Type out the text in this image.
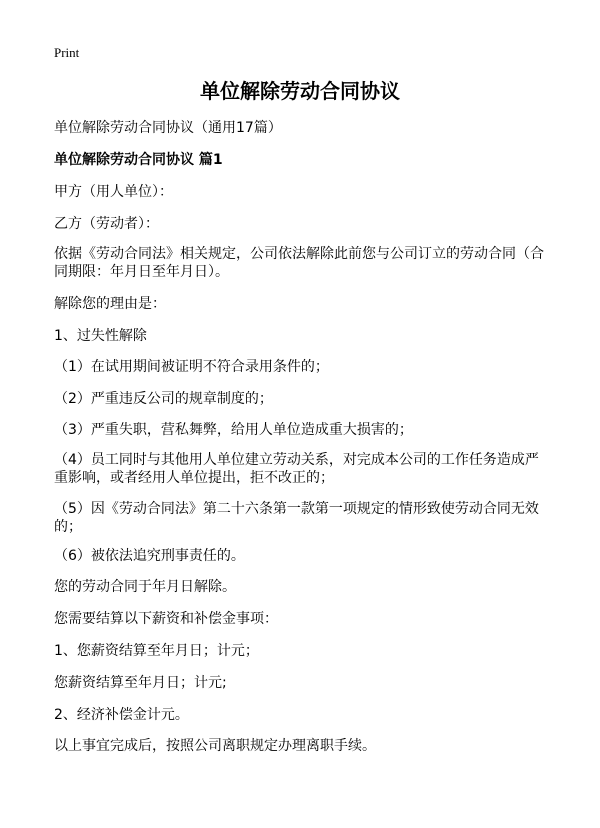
Print
单位解除劳动合同协议
单位解除劳动合同协议（通用17篇）
单位解除劳动合同协议 篇1
甲方（用人单位）：
乙方（劳动者）：
依据《劳动合同法》相关规定，公司依法解除此前您与公司订立的劳动合同（合同期限：年月日至年月日）。
解除您的理由是：
1、过失性解除
（1）在试用期间被证明不符合录用条件的；
（2）严重违反公司的规章制度的；
（3）严重失职，营私舞弊，给用人单位造成重大损害的；
（4）员工同时与其他用人单位建立劳动关系，对完成本公司的工作任务造成严重影响，或者经用人单位提出，拒不改正的；
（5）因《劳动合同法》第二十六条第一款第一项规定的情形致使劳动合同无效的；
（6）被依法追究刑事责任的。
您的劳动合同于年月日解除。
您需要结算以下薪资和补偿金事项：
1、您薪资结算至年月日；计元；
您薪资结算至年月日；计元;
2、经济补偿金计元。
以上事宜完成后，按照公司离职规定办理离职手续。
